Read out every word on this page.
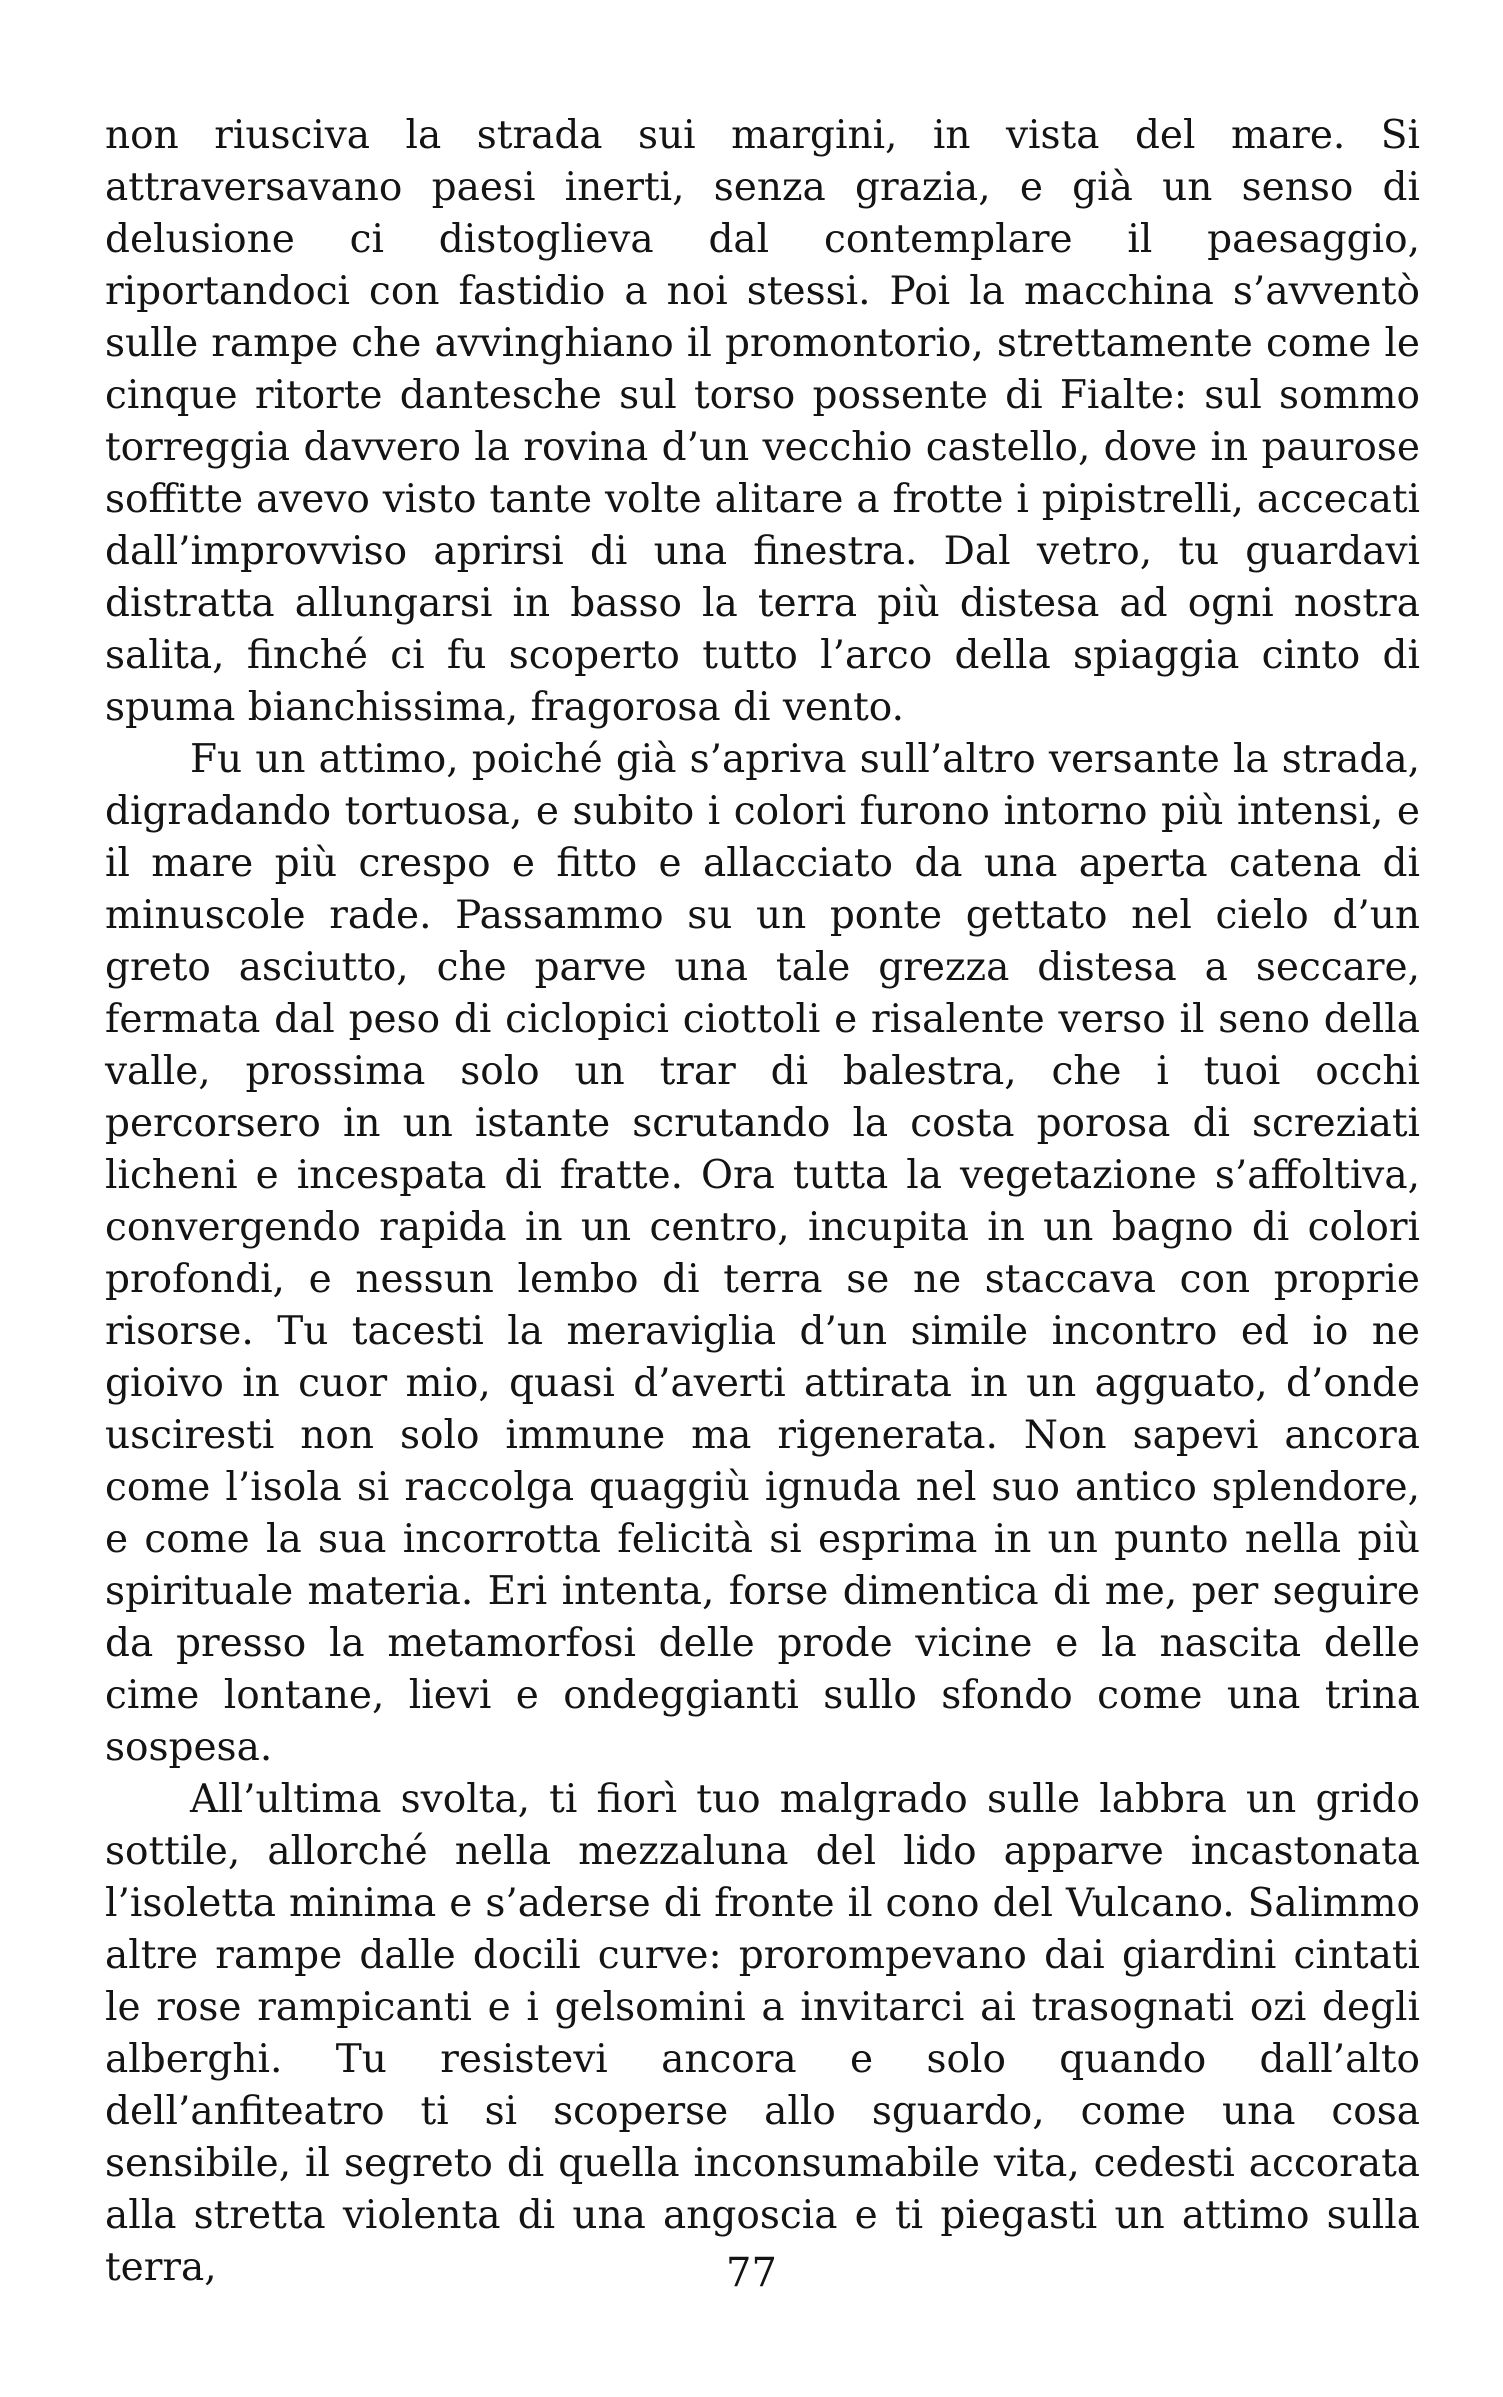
non riusciva la strada sui margini, in vista del mare. Si attraversavano paesi inerti, senza grazia, e già un senso di delusione ci distoglieva dal contemplare il paesaggio, riportandoci con fastidio a noi stessi. Poi la macchina s’avventò sulle rampe che avvinghiano il promontorio, strettamente come le cinque ritorte dantesche sul torso possente di Fialte: sul sommo torreggia davvero la rovina d’un vecchio castello, dove in paurose soffitte avevo visto tante volte alitare a frotte i pipistrelli, accecati dall’improvviso aprirsi di una finestra. Dal vetro, tu guardavi distratta allungarsi in basso la terra più distesa ad ogni nostra salita, finché ci fu scoperto tutto l’arco della spiaggia cinto di spuma bianchissima, fragorosa di vento.

Fu un attimo, poiché già s’apriva sull’altro versante la strada, digradando tortuosa, e subito i colori furono intorno più intensi, e il mare più crespo e fitto e allacciato da una aperta catena di minuscole rade. Passammo su un ponte gettato nel cielo d’un greto asciutto, che parve una tale grezza distesa a seccare, fermata dal peso di ciclopici ciottoli e risalente verso il seno della valle, prossima solo un trar di balestra, che i tuoi occhi percorsero in un istante scrutando la costa porosa di screziati licheni e incespata di fratte. Ora tutta la vegetazione s’affoltiva, convergendo rapida in un centro, incupita in un bagno di colori profondi, e nessun lembo di terra se ne staccava con proprie risorse. Tu tacesti la meraviglia d’un simile incontro ed io ne gioivo in cuor mio, quasi d’averti attirata in un agguato, d’onde usciresti non solo immune ma rigenerata. Non sapevi ancora come l’isola si raccolga quaggiù ignuda nel suo antico splendore, e come la sua incorrotta felicità si esprima in un punto nella più spirituale materia. Eri intenta, forse dimentica di me, per seguire da presso la metamorfosi delle prode vicine e la nascita delle cime lontane, lievi e ondeggianti sullo sfondo come una trina sospesa.

All’ultima svolta, ti fiorì tuo malgrado sulle labbra un grido sottile, allorché nella mezzaluna del lido apparve incastonata l’isoletta minima e s’aderse di fronte il cono del Vulcano. Salimmo altre rampe dalle docili curve: prorompevano dai giardini cintati le rose rampicanti e i gelsomini a invitarci ai trasognati ozi degli alberghi. Tu resistevi ancora e solo quando dall’alto dell’anfiteatro ti si scoperse allo sguardo, come una cosa sensibile, il segreto di quella inconsumabile vita, cedesti accorata alla stretta violenta di una angoscia e ti piegasti un attimo sulla terra,	77
